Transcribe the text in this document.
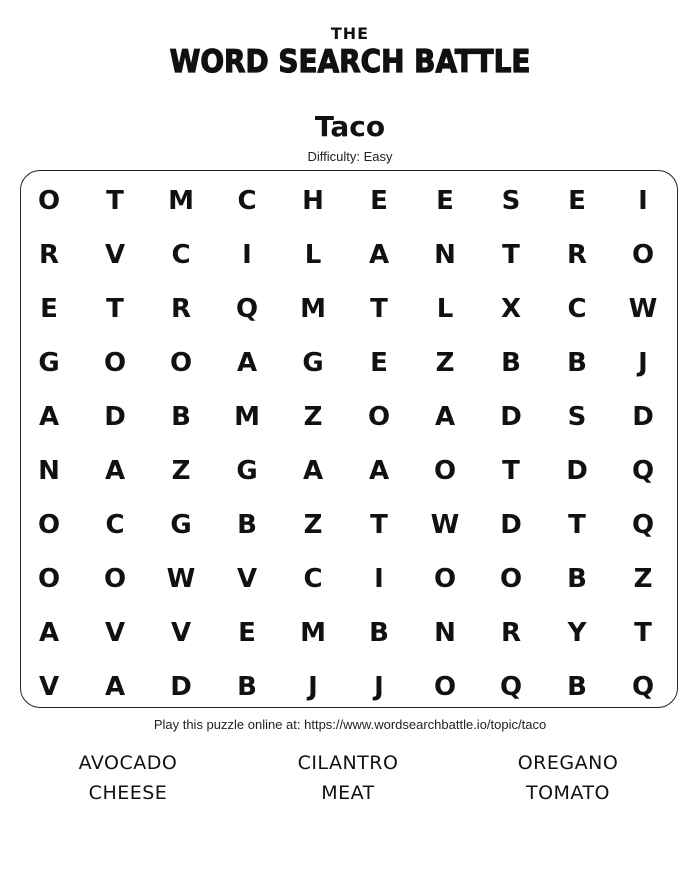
THE
WORD SEARCH BATTLE
Taco
Difficulty: Easy
O	T	M	C	H	E	E	S	E	I
R	V	C	I	L	A	N	T	R	O
E	T	R	Q	M	T	L	X	C	W
G	O	O	A	G	E	Z	B	B	J
A	D	B	M	Z	O	A	D	S	D
N	A	Z	G	A	A	O	T	D	Q
O	C	G	B	Z	T	W	D	T	Q
O	O	W	V	C	I	O	O	B	Z
A	V	V	E	M	B	N	R	Y	T
V	A	D	B	J	J	O	Q	B	Q
Play this puzzle online at: https://www.wordsearchbattle.io/topic/taco
AVOCADO	CILANTRO	OREGANO
CHEESE	MEAT	TOMATO
